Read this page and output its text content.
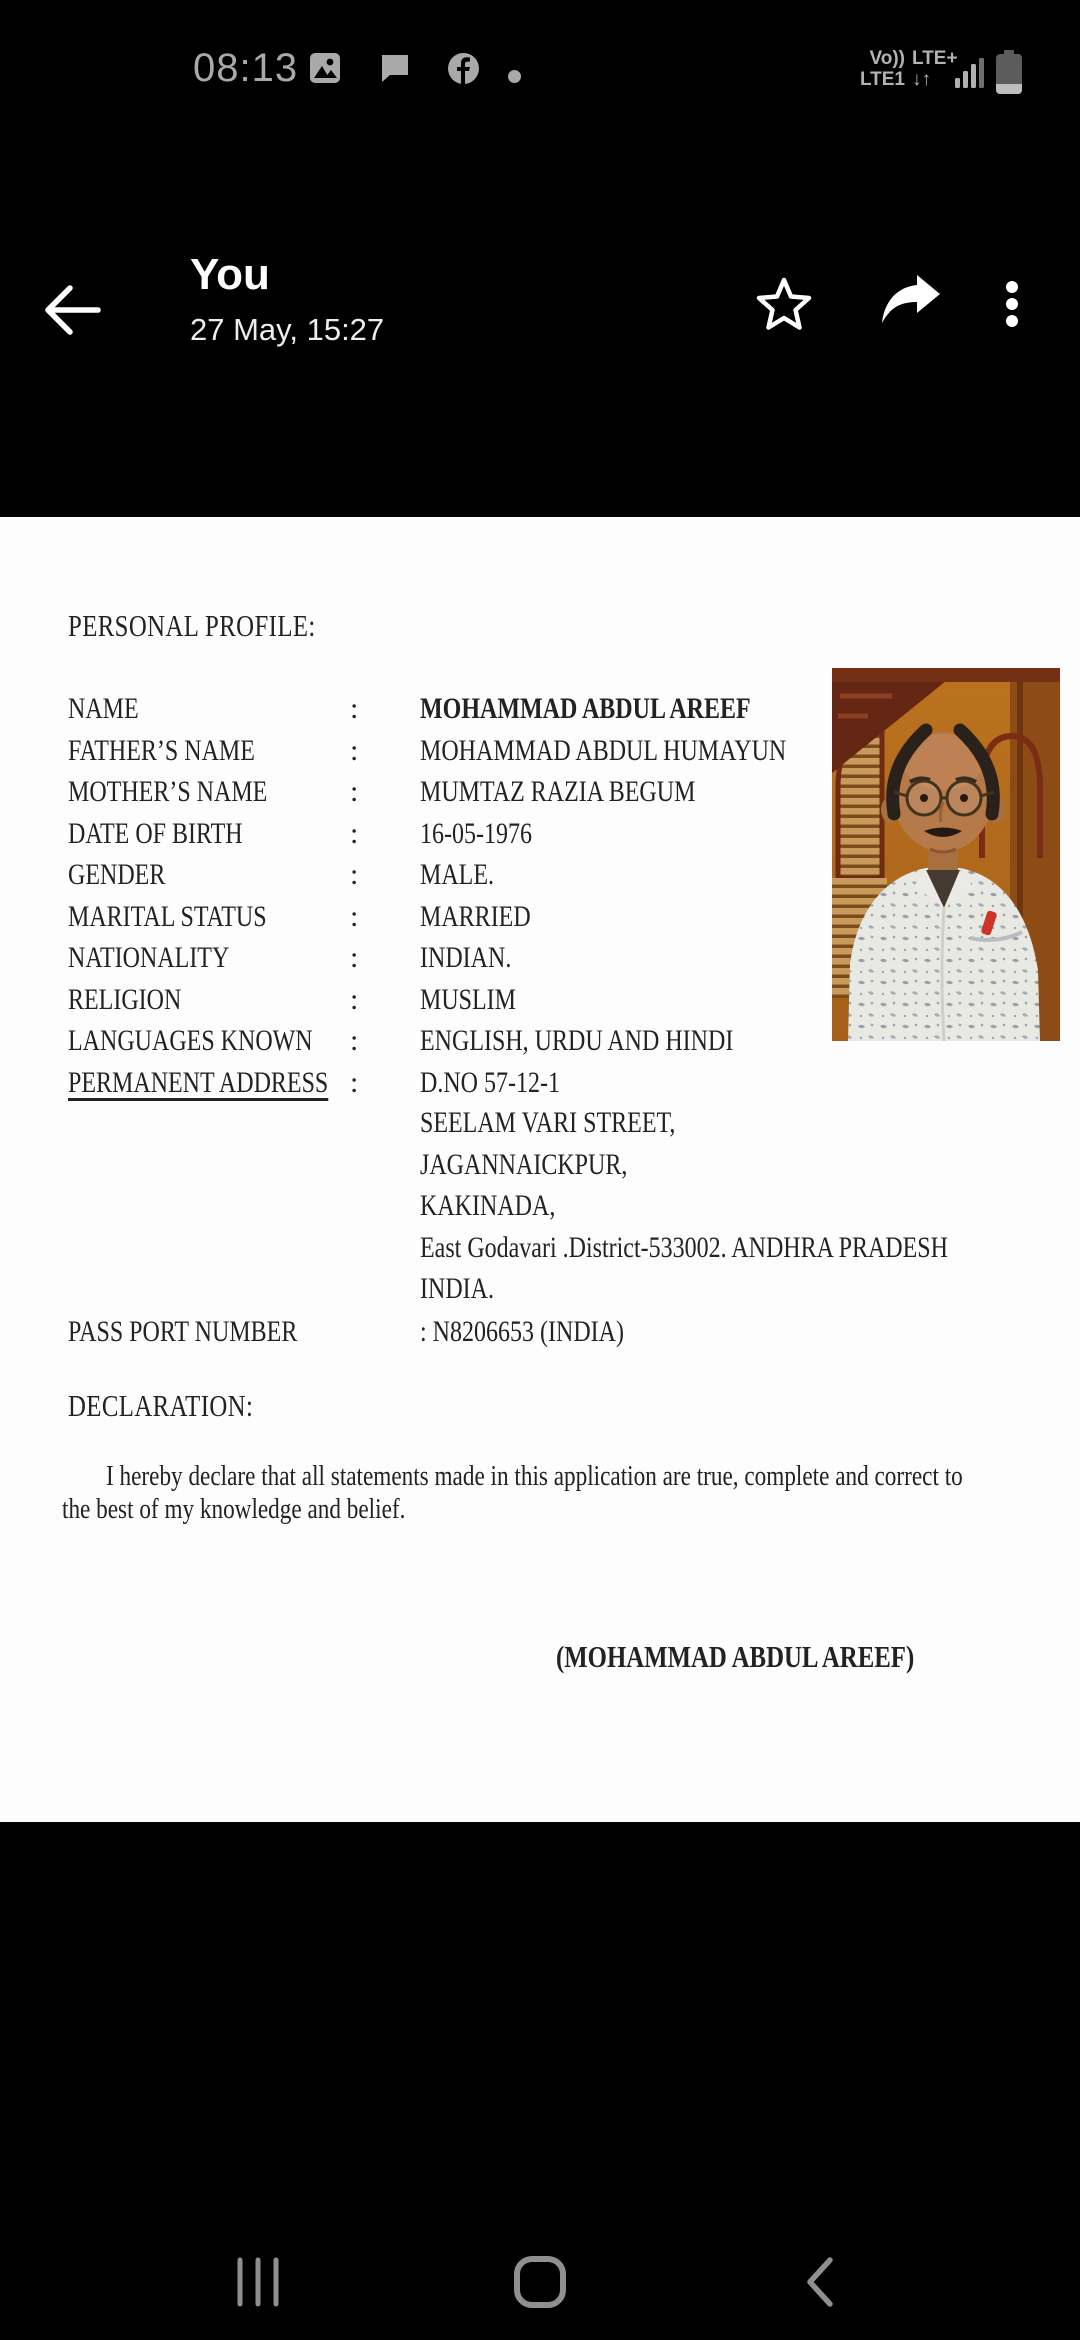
08:13	Vo))
LTE1
LTE+
↓↑
You
27 May, 15:27
PERSONAL PROFILE:
NAME	: MOHAMMAD ABDUL AREEF
FATHER’S NAME	: MOHAMMAD ABDUL HUMAYUN
MOTHER’S NAME	: MUMTAZ RAZIA BEGUM
DATE OF BIRTH	: 16-05-1976
GENDER	: MALE.
MARITAL STATUS	: MARRIED
NATIONALITY	: INDIAN.
RELIGION	: MUSLIM
LANGUAGES KNOWN	: ENGLISH, URDU AND HINDI
PERMANENT ADDRESS : D.NO 57-12-1
SEELAM VARI STREET,
JAGANNAICKPUR,
KAKINADA,
East Godavari .District-533002. ANDHRA PRADESH
INDIA.
PASS PORT NUMBER	: N8206653 (INDIA)
DECLARATION:
I hereby declare that all statements made in this application are true, complete and correct to
the best of my knowledge and belief.
(MOHAMMAD ABDUL AREEF)
